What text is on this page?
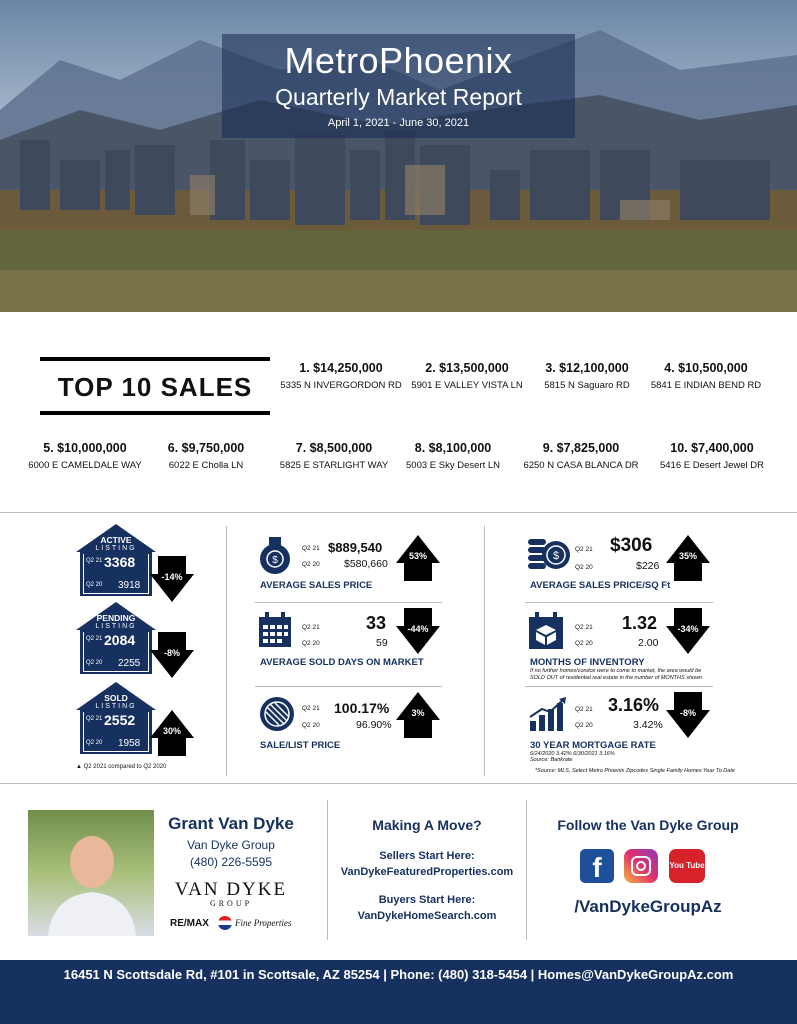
MetroPhoenix
Quarterly Market Report
April 1, 2021 - June 30, 2021
TOP 10 SALES
1. $14,250,000
5335 N INVERGORDON RD
2. $13,500,000
5901 E VALLEY VISTA LN
3. $12,100,000
5815 N Saguaro RD
4. $10,500,000
5841 E INDIAN BEND RD
5. $10,000,000
6000 E CAMELDALE WAY
6. $9,750,000
6022 E Cholla LN
7. $8,500,000
5825 E STARLIGHT WAY
8. $8,100,000
5003 E Sky Desert LN
9. $7,825,000
6250 N CASA BLANCA DR
10. $7,400,000
5416 E Desert Jewel DR
ACTIVE
LISTING
Q2 21 3368
Q2 20 3918
PENDING
LISTING
Q2 21 2084
Q2 20 2255
SOLD
LISTING
Q2 21 2552
Q2 20 1958
-14%
-8%
30%
▲ Q2 2021 compared to Q2 2020
$
Q2 21 $889,540
Q2 20 $580,660
53%
AVERAGE SALES PRICE
Q2 21	33
Q2 20	59
-44%
AVERAGE SOLD DAYS ON MARKET
Q2 21 100.17%
Q2 20	96.90%
3%
SALE/LIST PRICE
$
Q2 21 $306
Q2 20	$226
35%
AVERAGE SALES PRICE/SQ Ft
Q2 21 1.32
Q2 20	2.00
-34%
MONTHS OF INVENTORY
If no further homes/condos were to come to market, the area would be SOLD OUT of residential real estate in the number of MONTHS shown
Q2 21 3.16%
Q2 20	3.42%
-8%
30 YEAR MORTGAGE RATE
6/24/2020 3.42% 6/30/2021 3.16%
Source: Bankrate
*Source: MLS, Select Metro Phoenix Zipcodes Single Family Homes Year To Date
Grant Van Dyke
Van Dyke Group
(480) 226-5595
VAN DYKE
GROUP
RE/MAX	Fine Properties
Making A Move?
Sellers Start Here:
VanDykeFeaturedProperties.com
Buyers Start Here:
VanDykeHomeSearch.com
Follow the Van Dyke Group
f	You Tube
/VanDykeGroupAz
16451 N Scottsdale Rd, #101 in Scottsale, AZ 85254 | Phone: (480) 318-5454 | Homes@VanDykeGroupAz.com
